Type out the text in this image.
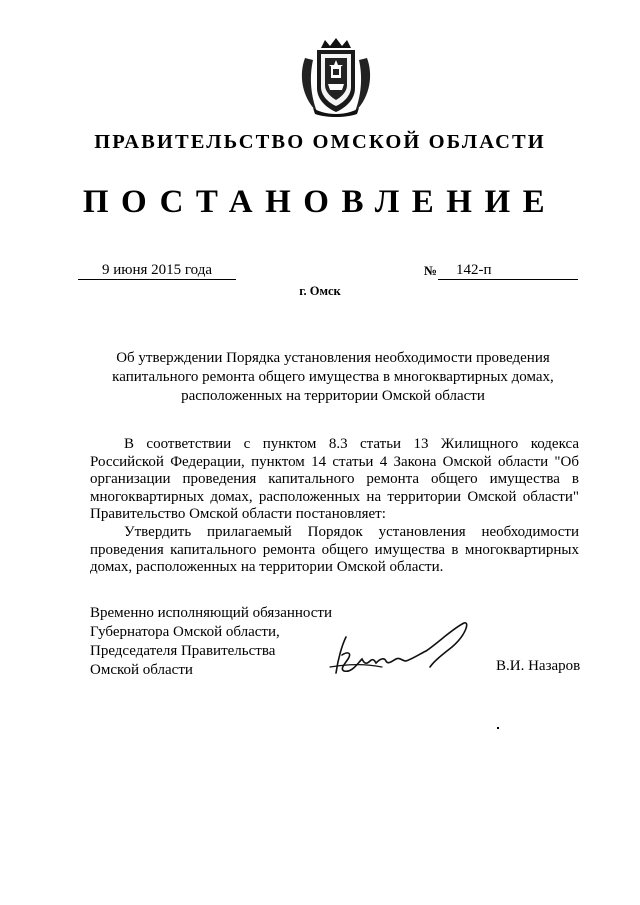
ПРАВИТЕЛЬСТВО ОМСКОЙ ОБЛАСТИ
ПОСТАНОВЛЕНИЕ
9 июня 2015 года	№	142-п
г. Омск
Об утверждении Порядка установления необходимости проведения капитального ремонта общего имущества в многоквартирных домах, расположенных на территории Омской области

В соответствии с пунктом 8.3 статьи 13 Жилищного кодекса Российской Федерации, пунктом 14 статьи 4 Закона Омской области "Об организации проведения капитального ремонта общего имущества в многоквартирных домах, расположенных на территории Омской области" Правительство Омской области постановляет:

Утвердить прилагаемый Порядок установления необходимости проведения капитального ремонта общего имущества в многоквартирных домах, расположенных на территории Омской области.

Временно исполняющий обязанности
Губернатора Омской области,
Председателя Правительства
Омской области	В.И. Назаров
